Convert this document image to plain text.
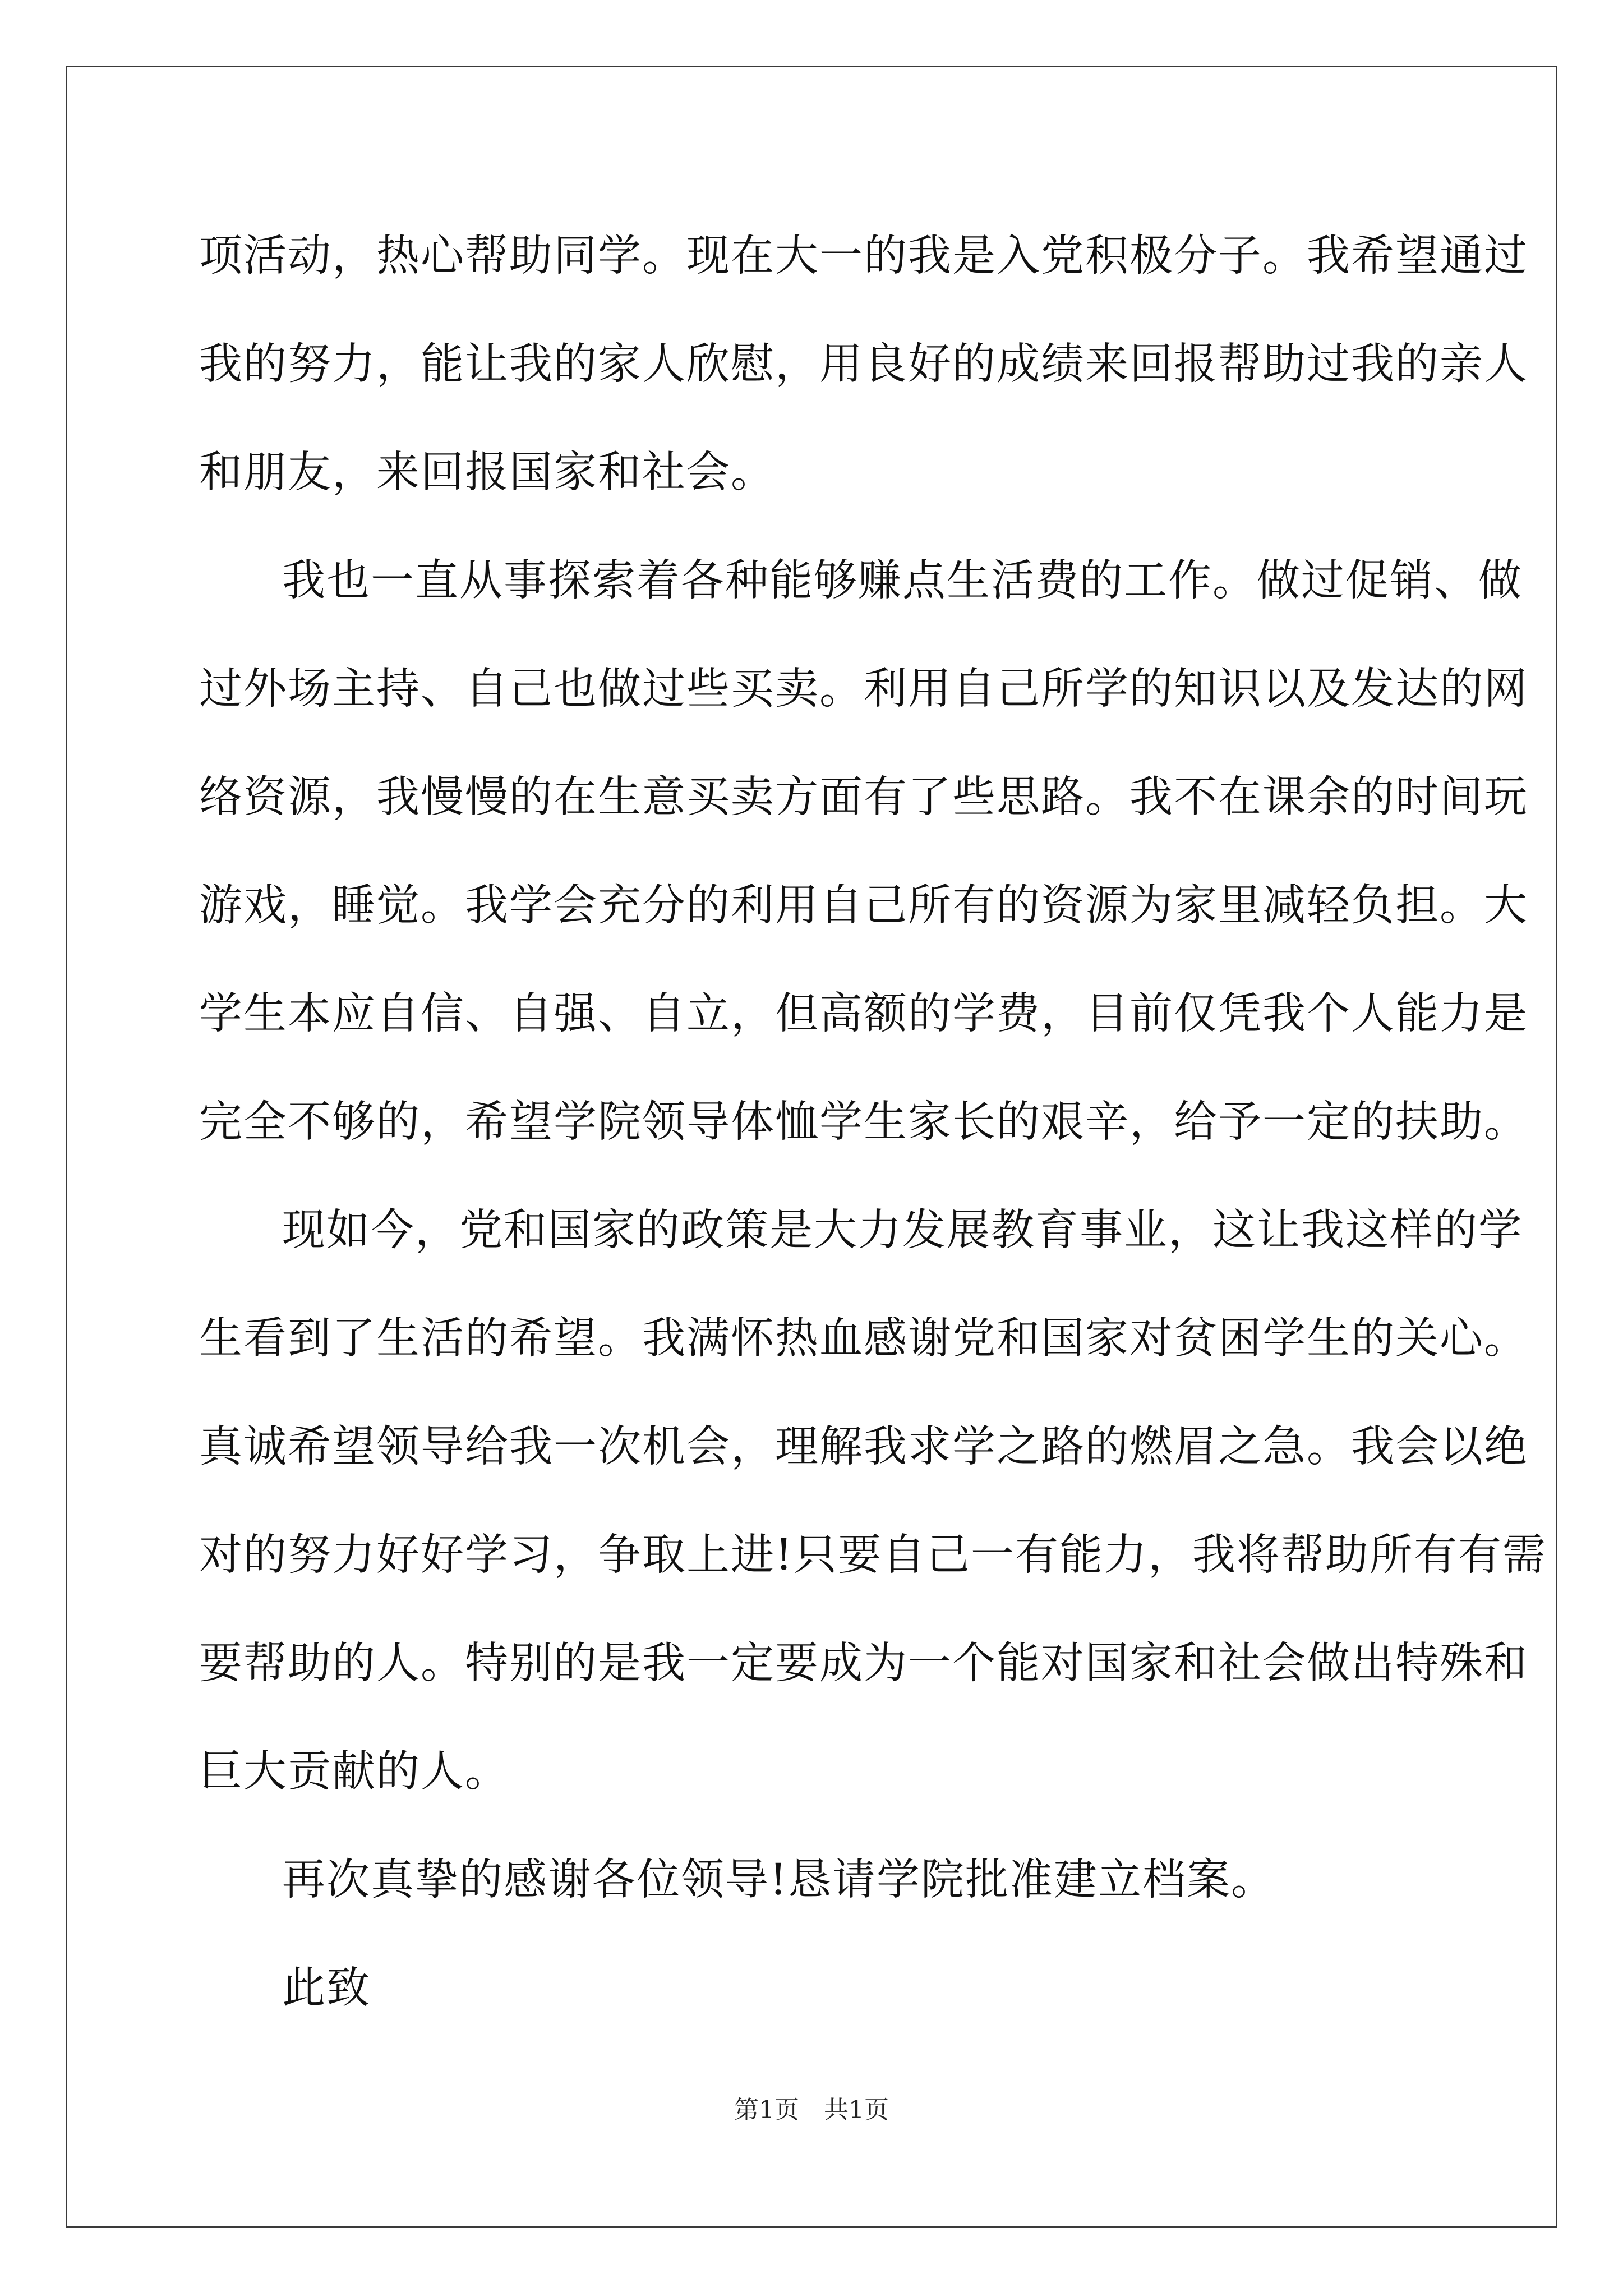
项活动，热心帮助同学。现在大一的我是入党积极分子。我希望通过
我的努力，能让我的家人欣慰，用良好的成绩来回报帮助过我的亲人
和朋友，来回报国家和社会。
我也一直从事探索着各种能够赚点生活费的工作。做过促销、做
过外场主持、自己也做过些买卖。利用自己所学的知识以及发达的网
络资源，我慢慢的在生意买卖方面有了些思路。我不在课余的时间玩
游戏，睡觉。我学会充分的利用自己所有的资源为家里减轻负担。大
学生本应自信、自强、自立，但高额的学费，目前仅凭我个人能力是
完全不够的，希望学院领导体恤学生家长的艰辛，给予一定的扶助。
现如今，党和国家的政策是大力发展教育事业，这让我这样的学
生看到了生活的希望。我满怀热血感谢党和国家对贫困学生的关心。
真诚希望领导给我一次机会，理解我求学之路的燃眉之急。我会以绝
对的努力好好学习，争取上进!只要自己一有能力，我将帮助所有有需
要帮助的人。特别的是我一定要成为一个能对国家和社会做出特殊和
巨大贡献的人。
再次真挚的感谢各位领导!恳请学院批准建立档案。
此致
第1页　共1页
